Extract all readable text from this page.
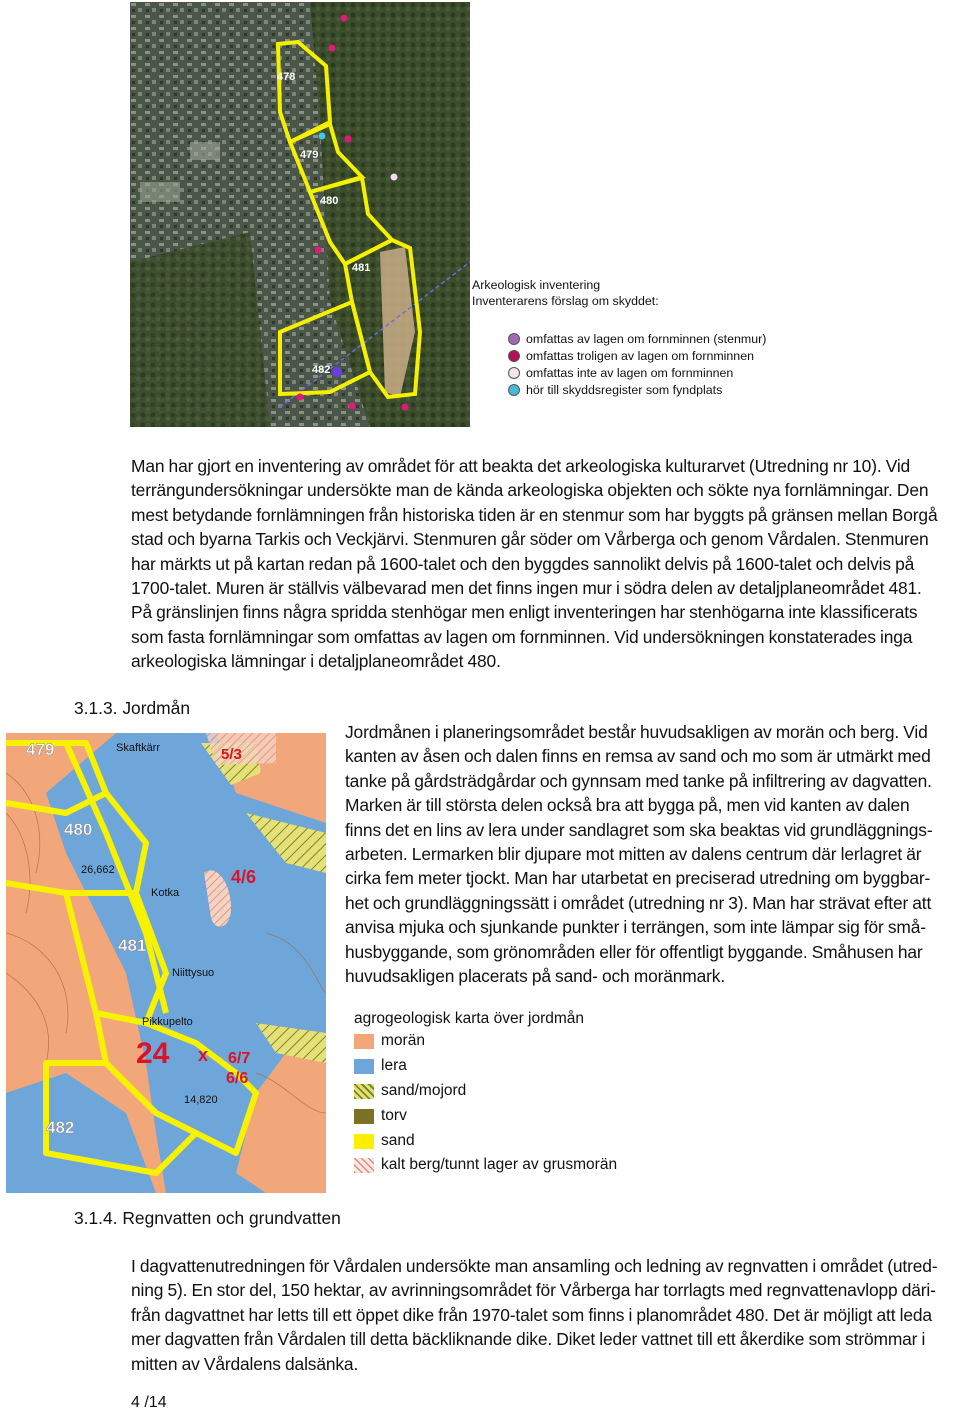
478
479
480
481
482
Arkeologisk inventering
Inventerarens förslag om skyddet:
omfattas av lagen om fornminnen (stenmur)
omfattas troligen av lagen om fornminnen
omfattas inte av lagen om fornminnen
hör till skyddsregister som fyndplats
Man har gjort en inventering av området för att beakta det arkeologiska kulturarvet (Utredning nr 10). Vid
terrängundersökningar undersökte man de kända arkeologiska objekten och sökte nya fornlämningar. Den
mest betydande fornlämningen från historiska tiden är en stenmur som har byggts på gränsen mellan Borgå
stad och byarna Tarkis och Veckjärvi. Stenmuren går söder om Vårberga och genom Vårdalen. Stenmuren
har märkts ut på kartan redan på 1600-talet och den byggdes sannolikt delvis på 1600-talet och delvis på
1700-talet. Muren är ställvis välbevarad men det finns ingen mur i södra delen av detaljplaneområdet 481.
På gränslinjen finns några spridda stenhögar men enligt inventeringen har stenhögarna inte klassificerats
som fasta fornlämningar som omfattas av lagen om fornminnen. Vid undersökningen konstaterades inga
arkeologiska lämningar i detaljplaneområdet 480.
3.1.3. Jordmån
479
480
481
482
Skaftkärr
Kotka
Niittysuo
Pikkupelto
26,662
14,820
5/3
4/6
24 x 6/7
6/6
Jordmånen i planeringsområdet består huvudsakligen av morän och berg. Vid
kanten av åsen och dalen finns en remsa av sand och mo som är utmärkt med
tanke på gårdsträdgårdar och gynnsam med tanke på infiltrering av dagvatten.
Marken är till största delen också bra att bygga på, men vid kanten av dalen
finns det en lins av lera under sandlagret som ska beaktas vid grundläggnings-
arbeten. Lermarken blir djupare mot mitten av dalens centrum där lerlagret är
cirka fem meter tjockt. Man har utarbetat en preciserad utredning om byggbar-
het och grundläggningssätt i området (utredning nr 3). Man har strävat efter att
anvisa mjuka och sjunkande punkter i terrängen, som inte lämpar sig för små-
husbyggande, som grönområden eller för offentligt byggande. Småhusen har
huvudsakligen placerats på sand- och moränmark.
agrogeologisk karta över jordmån
morän
lera
sand/mojord
torv
sand
kalt berg/tunnt lager av grusmorän
3.1.4. Regnvatten och grundvatten
I dagvattenutredningen för Vårdalen undersökte man ansamling och ledning av regnvatten i området (utred-
ning 5). En stor del, 150 hektar, av avrinningsområdet för Vårberga har torrlagts med regnvattenavlopp däri-
från dagvattnet har letts till ett öppet dike från 1970-talet som finns i planområdet 480. Det är möjligt att leda
mer dagvatten från Vårdalen till detta bäckliknande dike. Diket leder vattnet till ett åkerdike som strömmar i
mitten av Vårdalens dalsänka.
4 /14
